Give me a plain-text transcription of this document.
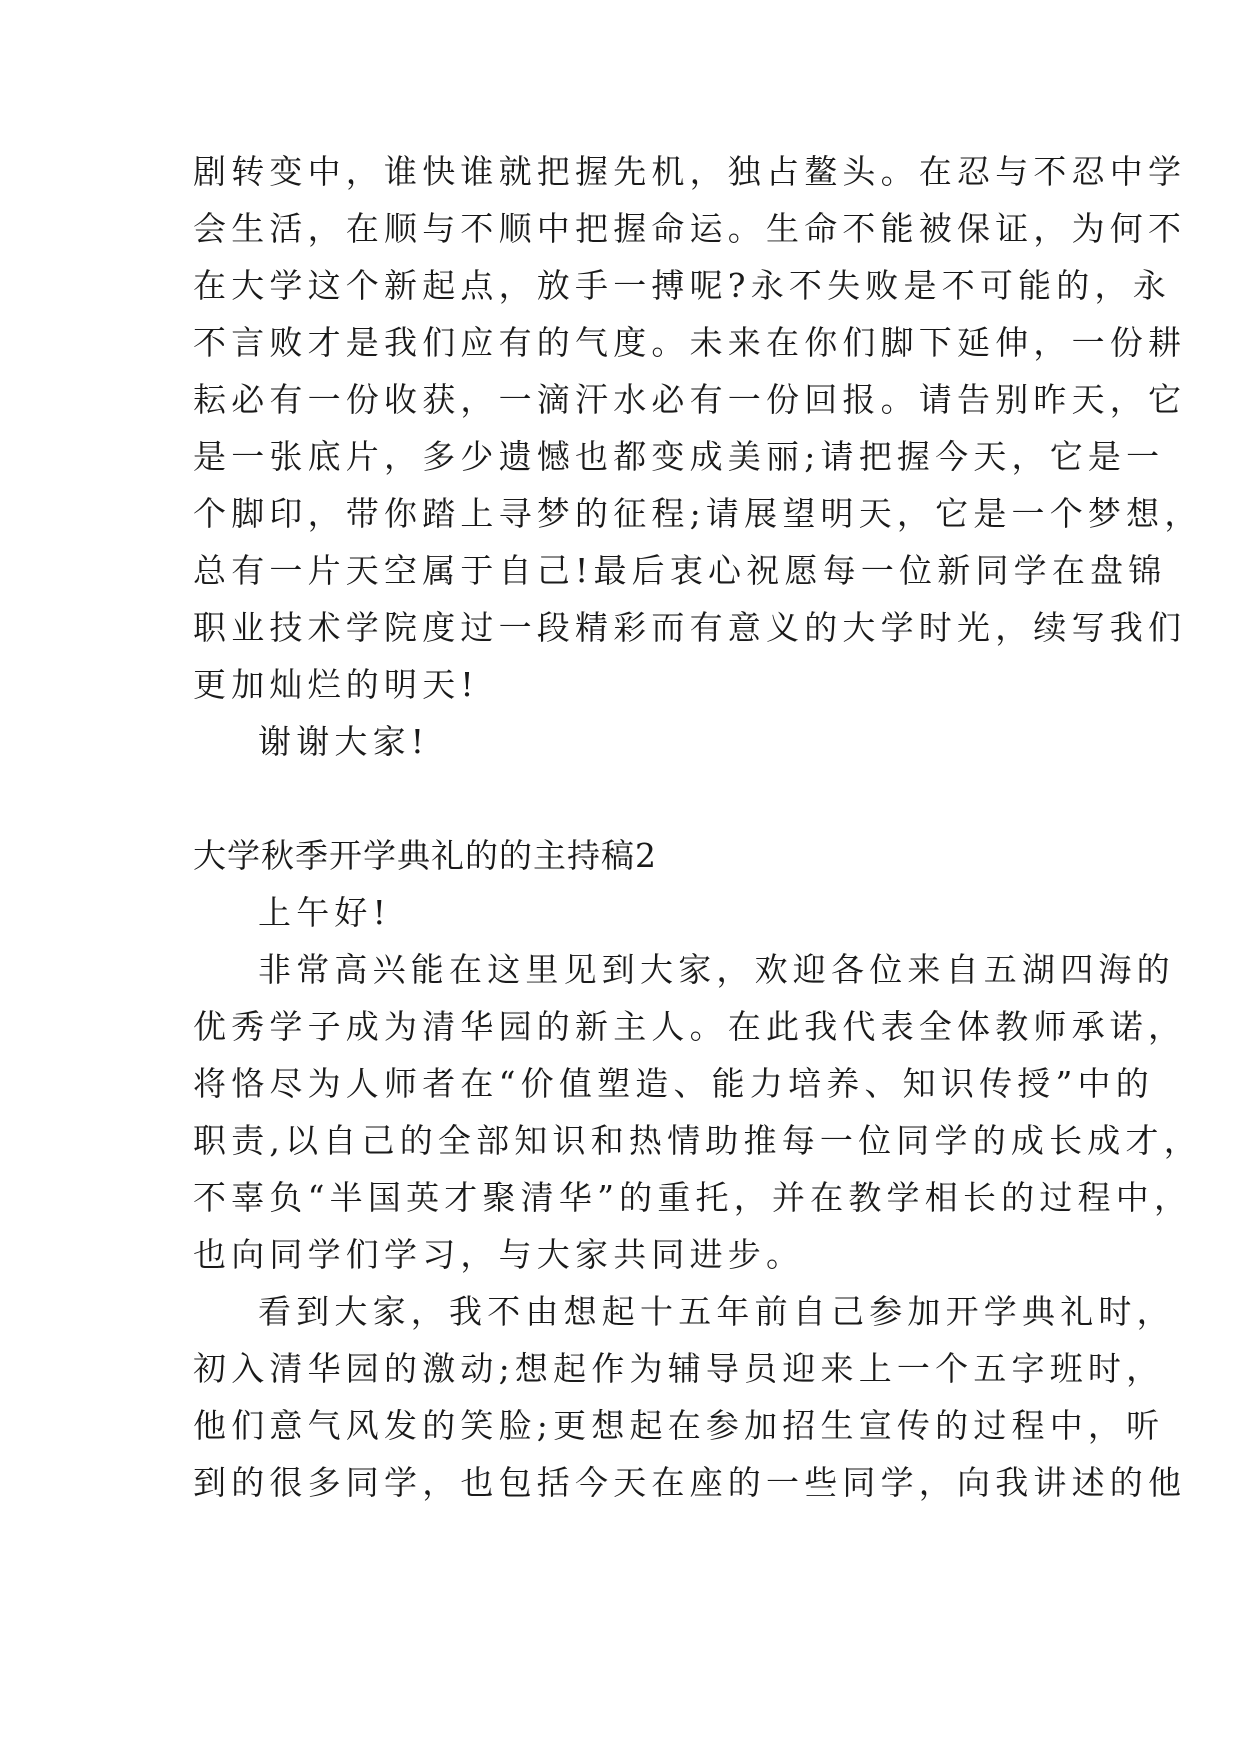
剧转变中，谁快谁就把握先机，独占鳌头。在忍与不忍中学
会生活，在顺与不顺中把握命运。生命不能被保证，为何不
在大学这个新起点，放手一搏呢?永不失败是不可能的，永
不言败才是我们应有的气度。未来在你们脚下延伸，一份耕
耘必有一份收获，一滴汗水必有一份回报。请告别昨天，它
是一张底片，多少遗憾也都变成美丽;请把握今天，它是一
个脚印，带你踏上寻梦的征程;请展望明天，它是一个梦想，
总有一片天空属于自己!最后衷心祝愿每一位新同学在盘锦
职业技术学院度过一段精彩而有意义的大学时光，续写我们
更加灿烂的明天!
谢谢大家!
大学秋季开学典礼的的主持稿2
上午好!
非常高兴能在这里见到大家，欢迎各位来自五湖四海的
优秀学子成为清华园的新主人。在此我代表全体教师承诺，
将恪尽为人师者在“价值塑造、能力培养、知识传授”中的
职责,以自己的全部知识和热情助推每一位同学的成长成才，
不辜负“半国英才聚清华”的重托，并在教学相长的过程中，
也向同学们学习，与大家共同进步。
看到大家，我不由想起十五年前自己参加开学典礼时，
初入清华园的激动;想起作为辅导员迎来上一个五字班时，
他们意气风发的笑脸;更想起在参加招生宣传的过程中，听
到的很多同学，也包括今天在座的一些同学，向我讲述的他
